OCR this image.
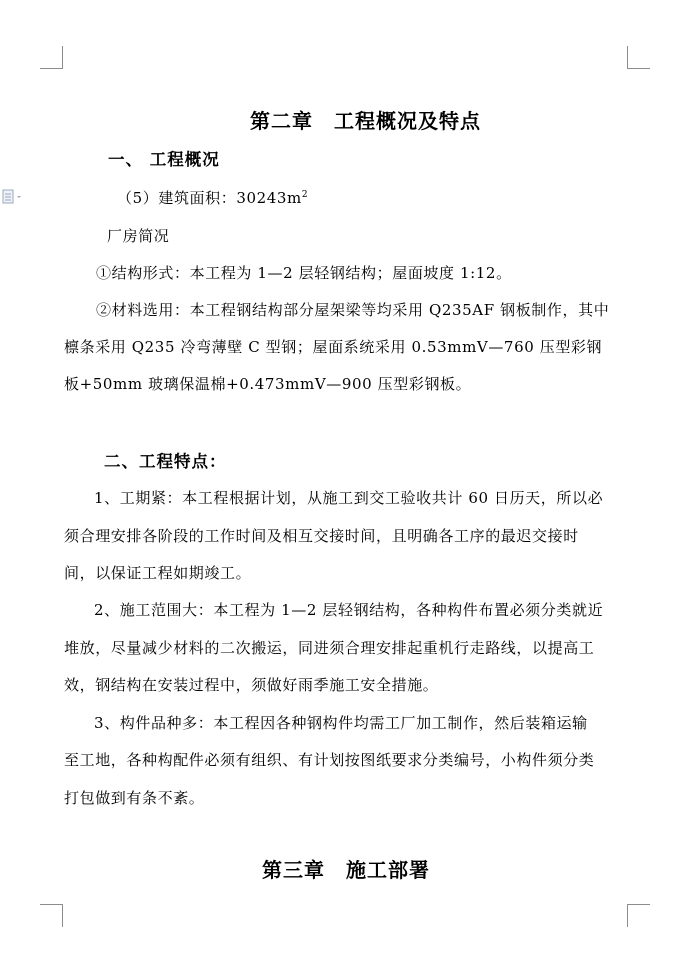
第二章　工程概况及特点
一、 工程概况
（5）建筑面积：$30243m^2$
厂房简况
①结构形式：本工程为 1—2 层轻钢结构；屋面坡度 1:12。
②材料选用：本工程钢结构部分屋架梁等均采用 Q235AF 钢板制作，其中
檩条采用 Q235 冷弯薄壁 C 型钢；屋面系统采用 0.53mmV—760 压型彩钢
板+50mm 玻璃保温棉+0.473mmV—900 压型彩钢板。
二、工程特点：
1、工期紧：本工程根据计划，从施工到交工验收共计 60 日历天，所以必
须合理安排各阶段的工作时间及相互交接时间，且明确各工序的最迟交接时
间，以保证工程如期竣工。
2、施工范围大：本工程为 1—2 层轻钢结构，各种构件布置必须分类就近
堆放，尽量减少材料的二次搬运，同进须合理安排起重机行走路线，以提高工
效，钢结构在安装过程中，须做好雨季施工安全措施。
3、构件品种多：本工程因各种钢构件均需工厂加工制作，然后装箱运输
至工地，各种构配件必须有组织、有计划按图纸要求分类编号，小构件须分类
打包做到有条不紊。
第三章　施工部署
